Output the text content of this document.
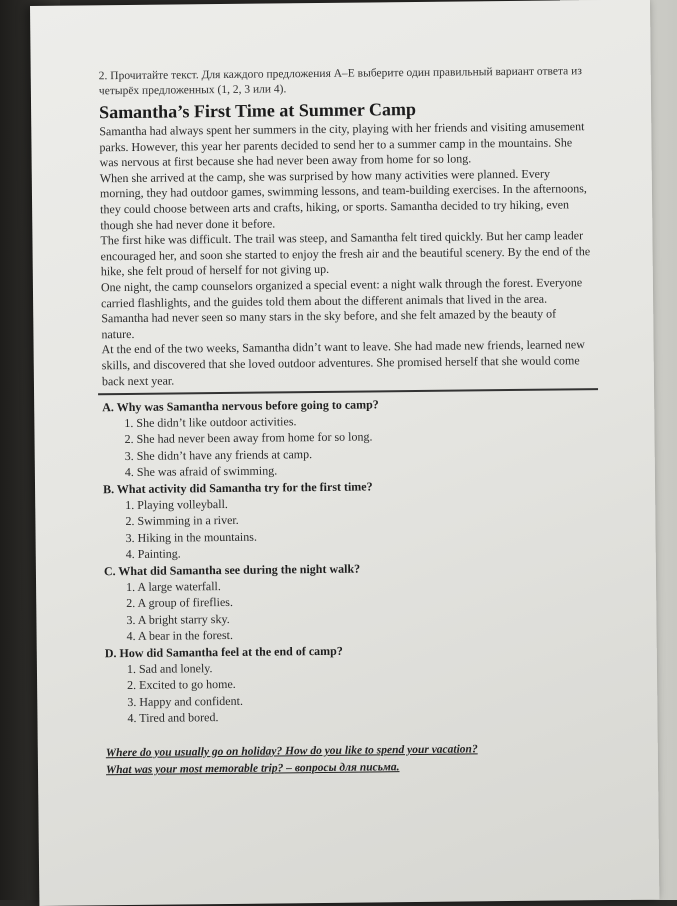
2. Прочитайте текст. Для каждого предложения A–E выберите один правильный вариант ответа из четырёх предложенных (1, 2, 3 или 4).
Samantha’s First Time at Summer Camp

Samantha had always spent her summers in the city, playing with her friends and visiting amusement parks. However, this year her parents decided to send her to a summer camp in the mountains. She was nervous at first because she had never been away from home for so long.

When she arrived at the camp, she was surprised by how many activities were planned. Every morning, they had outdoor games, swimming lessons, and team-building exercises. In the afternoons, they could choose between arts and crafts, hiking, or sports. Samantha decided to try hiking, even though she had never done it before.

The first hike was difficult. The trail was steep, and Samantha felt tired quickly. But her camp leader encouraged her, and soon she started to enjoy the fresh air and the beautiful scenery. By the end of the hike, she felt proud of herself for not giving up.

One night, the camp counselors organized a special event: a night walk through the forest. Everyone carried flashlights, and the guides told them about the different animals that lived in the area. Samantha had never seen so many stars in the sky before, and she felt amazed by the beauty of nature.

At the end of the two weeks, Samantha didn’t want to leave. She had made new friends, learned new skills, and discovered that she loved outdoor adventures. She promised herself that she would come back next year.

A. Why was Samantha nervous before going to camp?
1. She didn’t like outdoor activities.
2. She had never been away from home for so long.
3. She didn’t have any friends at camp.
4. She was afraid of swimming.
B. What activity did Samantha try for the first time?
1. Playing volleyball.
2. Swimming in a river.
3. Hiking in the mountains.
4. Painting.
C. What did Samantha see during the night walk?
1. A large waterfall.
2. A group of fireflies.
3. A bright starry sky.
4. A bear in the forest.
D. How did Samantha feel at the end of camp?
1. Sad and lonely.
2. Excited to go home.
3. Happy and confident.
4. Tired and bored.
Where do you usually go on holiday? How do you like to spend your vacation?
What was your most memorable trip? – вопросы для письма.
